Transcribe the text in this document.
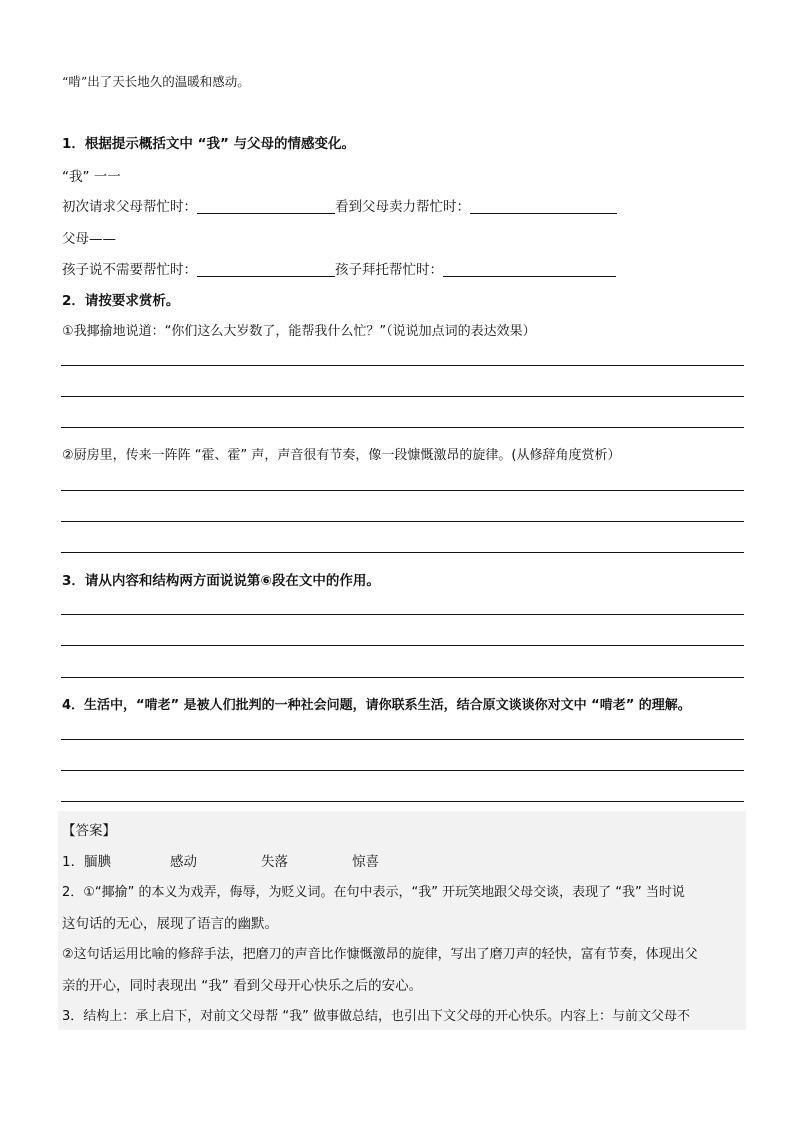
“啃”出了天长地久的温暖和感动。
1．根据提示概括文中 “我” 与父母的情感变化。
“我” 一一
初次请求父母帮忙时：	看到父母卖力帮忙时：
父母——
孩子说不需要帮忙时：	孩子拜托帮忙时：
2．请按要求赏析。
①我揶揄地说道：“你们这么大岁数了，能帮我什么忙？”（说说加点词的表达效果）
②厨房里，传来一阵阵 “霍、霍” 声，声音很有节奏，像一段慷慨激昂的旋律。(从修辞角度赏析）
3．请从内容和结构两方面说说第⑥段在文中的作用。
4．生活中，“啃老” 是被人们批判的一种社会问题，请你联系生活，结合原文谈谈你对文中 “啃老” 的理解。
【答案】
1．腼腆	感动	失落	惊喜
2．①“揶揄” 的本义为戏弄，侮辱，为贬义词。在句中表示，“我” 开玩笑地跟父母交谈，表现了 “我” 当时说
这句话的无心，展现了语言的幽默。
②这句话运用比喻的修辞手法，把磨刀的声音比作慷慨激昂的旋律，写出了磨刀声的轻快，富有节奏，体现出父
亲的开心，同时表现出 “我” 看到父母开心快乐之后的安心。
3．结构上：承上启下，对前文父母帮 “我” 做事做总结，也引出下文父母的开心快乐。内容上：与前文父母不
